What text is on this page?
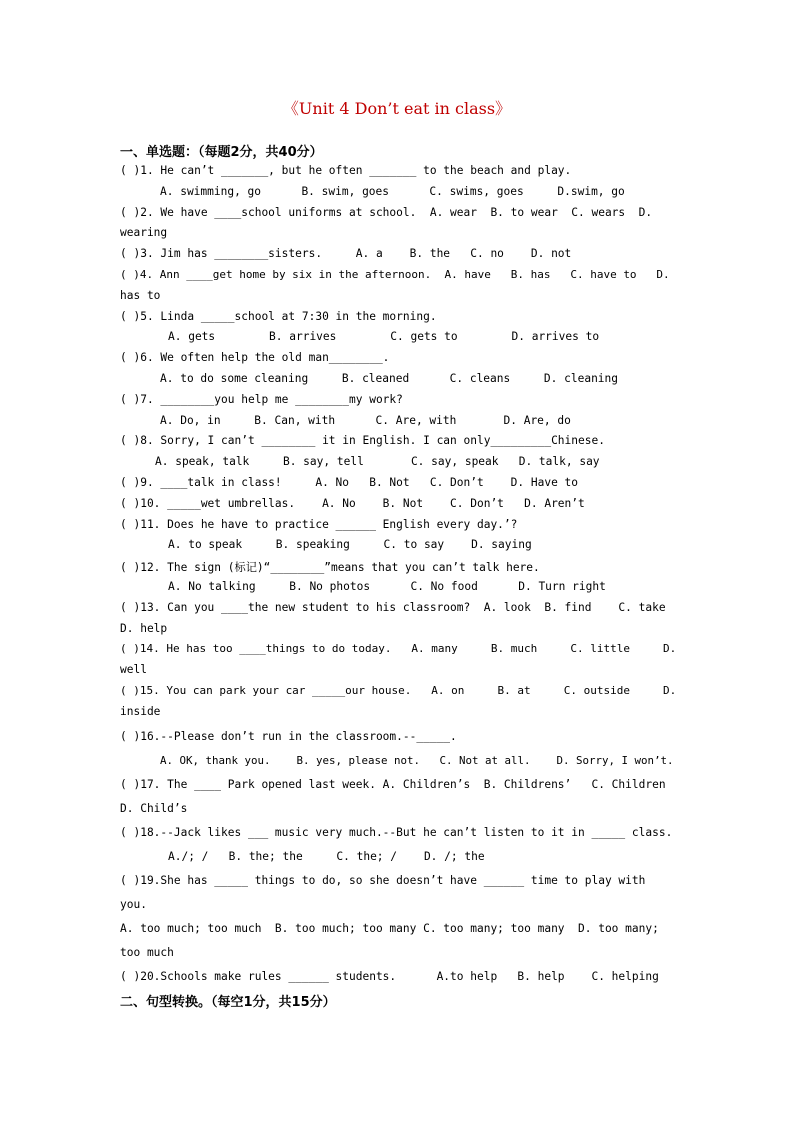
《Unit 4 Don’t eat in class》
一、单选题：（每题2分，共40分）
( )1. He can’t _______, but he often _______ to the beach and play.
A. swimming, go      B. swim, goes      C. swims, goes     D.swim, go
( )2. We have ____school uniforms at school.  A. wear  B. to wear  C. wears  D.
wearing
( )3. Jim has ________sisters.     A. a    B. the   C. no    D. not
( )4. Ann ____get home by six in the afternoon.  A. have   B. has   C. have to   D.
has to
( )5. Linda _____school at 7:30 in the morning.
A. gets        B. arrives        C. gets to        D. arrives to
( )6. We often help the old man________.
A. to do some cleaning     B. cleaned      C. cleans     D. cleaning
( )7. ________you help me ________my work?
A. Do, in     B. Can, with      C. Are, with       D. Are, do
( )8. Sorry, I can’t ________ it in English. I can only_________Chinese.
A. speak, talk     B. say, tell       C. say, speak   D. talk, say
( )9. ____talk in class!     A. No   B. Not   C. Don’t    D. Have to
( )10. _____wet umbrellas.    A. No    B. Not    C. Don’t   D. Aren’t
( )11. Does he have to practice ______ English every day.’?
A. to speak     B. speaking     C. to say    D. saying
( )12. The sign (标记)“________”means that you can’t talk here.
A. No talking     B. No photos      C. No food      D. Turn right
( )13. Can you ____the new student to his classroom?  A. look  B. find    C. take
D. help
( )14. He has too ____things to do today.   A. many     B. much     C. little     D.
well
( )15. You can park your car _____our house.   A. on     B. at     C. outside     D.
inside
( )16.--Please don’t run in the classroom.--_____.
A. OK, thank you.    B. yes, please not.   C. Not at all.    D. Sorry, I won’t.
( )17. The ____ Park opened last week. A. Children’s  B. Childrens’   C. Children
D. Child’s
( )18.--Jack likes ___ music very much.--But he can’t listen to it in _____ class.
A./; /   B. the; the     C. the; /    D. /; the
( )19.She has _____ things to do, so she doesn’t have ______ time to play with
you.
A. too much; too much  B. too much; too many C. too many; too many  D. too many;
too much
( )20.Schools make rules ______ students.      A.to help   B. help    C. helping
二、句型转换。（每空1分，共15分）
